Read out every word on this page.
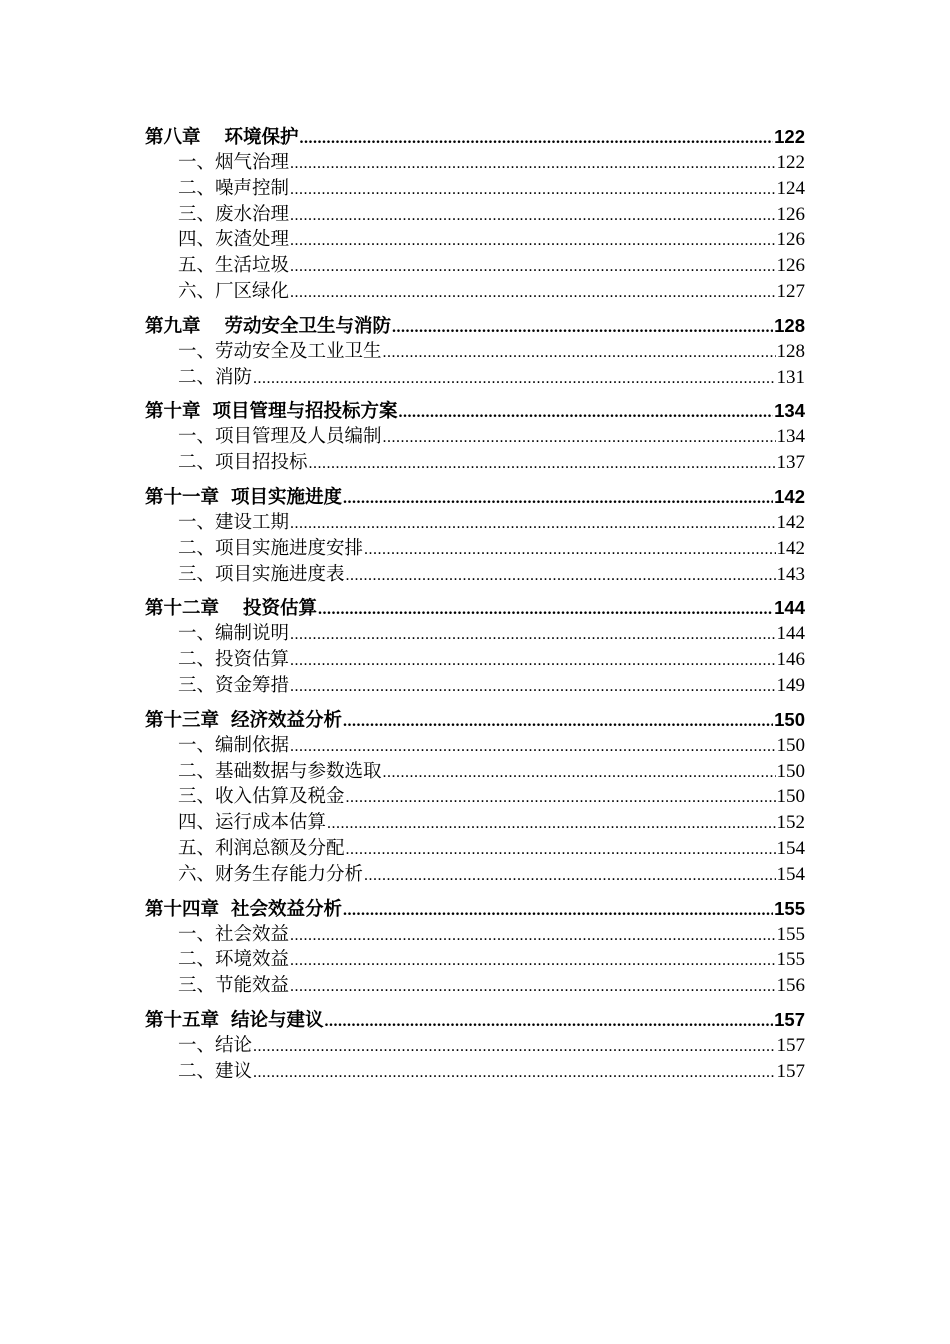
第八章 环境保护 .....	122
一、烟气治理 .....	122
二、噪声控制 .....	124
三、废水治理 .....	126
四、灰渣处理 .....	126
五、生活垃圾 .....	126
六、厂区绿化 .....	127
第九章 劳动安全卫生与消防 .....	128
一、劳动安全及工业卫生 .....	128
二、消防 .....	131
第十章 项目管理与招投标方案 .....	134
一、项目管理及人员编制 .....	134
二、项目招投标 .....	137
第十一章 项目实施进度 .....	142
一、建设工期 .....	142
二、项目实施进度安排 .....	142
三、项目实施进度表 .....	143
第十二章 投资估算 .....	144
一、编制说明 .....	144
二、投资估算 .....	146
三、资金筹措 .....	149
第十三章 经济效益分析 .....	150
一、编制依据 .....	150
二、基础数据与参数选取 .....	150
三、收入估算及税金 .....	150
四、运行成本估算 .....	152
五、利润总额及分配 .....	154
六、财务生存能力分析 .....	154
第十四章 社会效益分析 .....	155
一、社会效益 .....	155
二、环境效益 .....	155
三、节能效益 .....	156
第十五章 结论与建议 .....	157
一、结论 .....	157
二、建议 .....	157
